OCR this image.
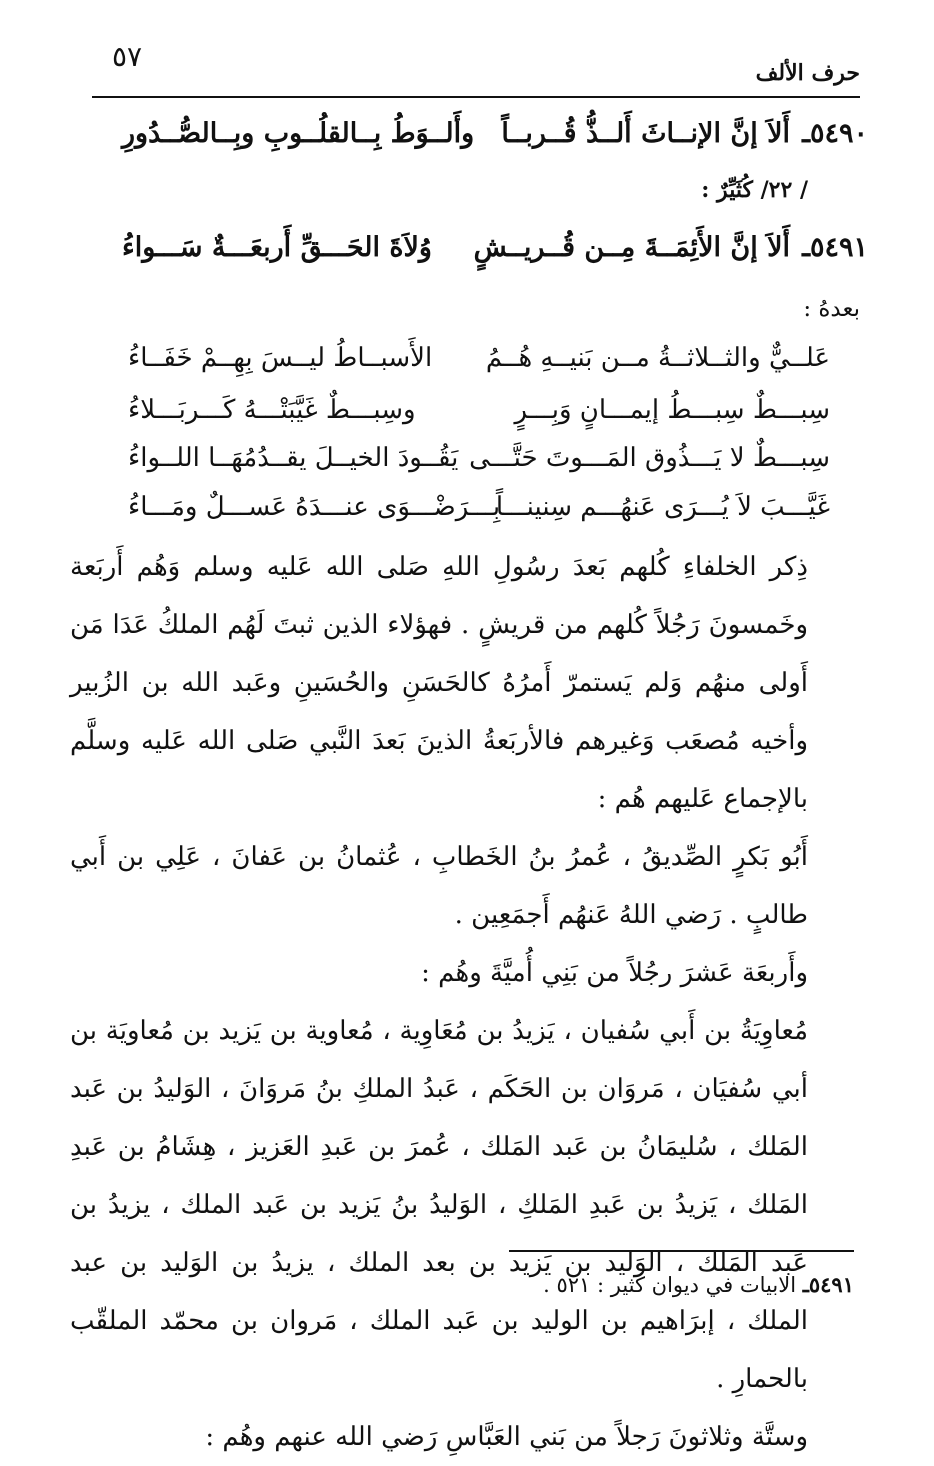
٥٧	حرف الألف
٥٤٩٠ـ
أَلاَ إنَّ الإنــاثَ أَلــذُّ قُــربــاً
وأَلــوَطُ بِــالقلُــوبِ وبِــالصُّــدُورِ
/ ٢٢/ كُثَيِّرٌ :
٥٤٩١ـ
أَلاَ إنَّ الأَئِمَــةَ مِــن قُــريــشٍ
وُلاَةَ الحَـــقِّ أَربعَـــةٌ سَـــواءُ
بعدهُ :
عَلــيٌّ والثــلاثــةُ مــن بَنيــهِ هُــمُ
الأَسبــاطُ ليــسَ بِهِــمْ خَفَــاءُ
سِبـــطٌ سِبـــطُ إيمـــانٍ وَبِـــرٍ
وسِبـــطٌ غَيَّبَتْـــهُ كَـــربَـــلاءُ
سِبـــطٌ لا يَـــذُوق المَـــوتَ حَتَّـــى
يَقُــودَ الخيــلَ يقــدُمُهَــا اللــواءُ
غَيَّـــبَ لاَ يُـــرَى عَنهُـــم سِنينـــاً
بِـــرَضْـــوَى عنـــدَهُ عَســـلٌ ومَـــاءُ

ذِكر الخلفاءِ كُلهم بَعدَ رسُولِ اللهِ صَلى الله عَليه وسلم وَهُم أَربَعة وخَمسونَ رَجُلاً كُلهم من قريشٍ . فهؤلاء الذين ثبتَ لَهُم الملكُ عَدَا مَن أَولى منهُم وَلم يَستمرّ أَمرُهُ كالحَسَنِ والحُسَينِ وعَبد الله بن الزُبير وأخيه مُصعَب وَغيرهم فالأربَعةُ الذينَ بَعدَ النَّبي صَلى الله عَليه وسلَّم بالإجماع عَليهم هُم :

أَبُو بَكرٍ الصِّديقُ ، عُمرُ بنُ الخَطابِ ، عُثمانُ بن عَفانَ ، عَلِي بن أَبي طالبٍ . رَضي اللهُ عَنهُم أَجمَعِين .

وأَربعَة عَشرَ رجُلاً من بَنِي أُميَّةَ وهُم :

مُعاوِيَةُ بن أَبي سُفيان ، يَزيدُ بن مُعَاوِية ، مُعاوية بن يَزيد بن مُعاويَة بن أبي سُفيَان ، مَروَان بن الحَكَم ، عَبدُ الملكِ بنُ مَروَانَ ، الوَليدُ بن عَبد المَلك ، سُليمَانُ بن عَبد المَلك ، عُمرَ بن عَبدِ العَزيز ، هِشَامُ بن عَبدِ المَلك ، يَزيدُ بن عَبدِ المَلكِ ، الوَليدُ بنُ يَزيد بن عَبد الملك ، يزيدُ بن عَبد المَلك ، الوَليد بن يَزيد بن بعد الملك ، يزيدُ بن الوَليد بن عبد الملك ، إبرَاهيم بن الوليد بن عَبد الملك ، مَروان بن محمّد الملقّب بالحمارِ .

وستَّة وثلاثونَ رَجلاً من بَني العَبَّاسِ رَضي الله عنهم وهُم :

٥٤٩١ـ الابيات في ديوان كثير : ٥٢١ .
